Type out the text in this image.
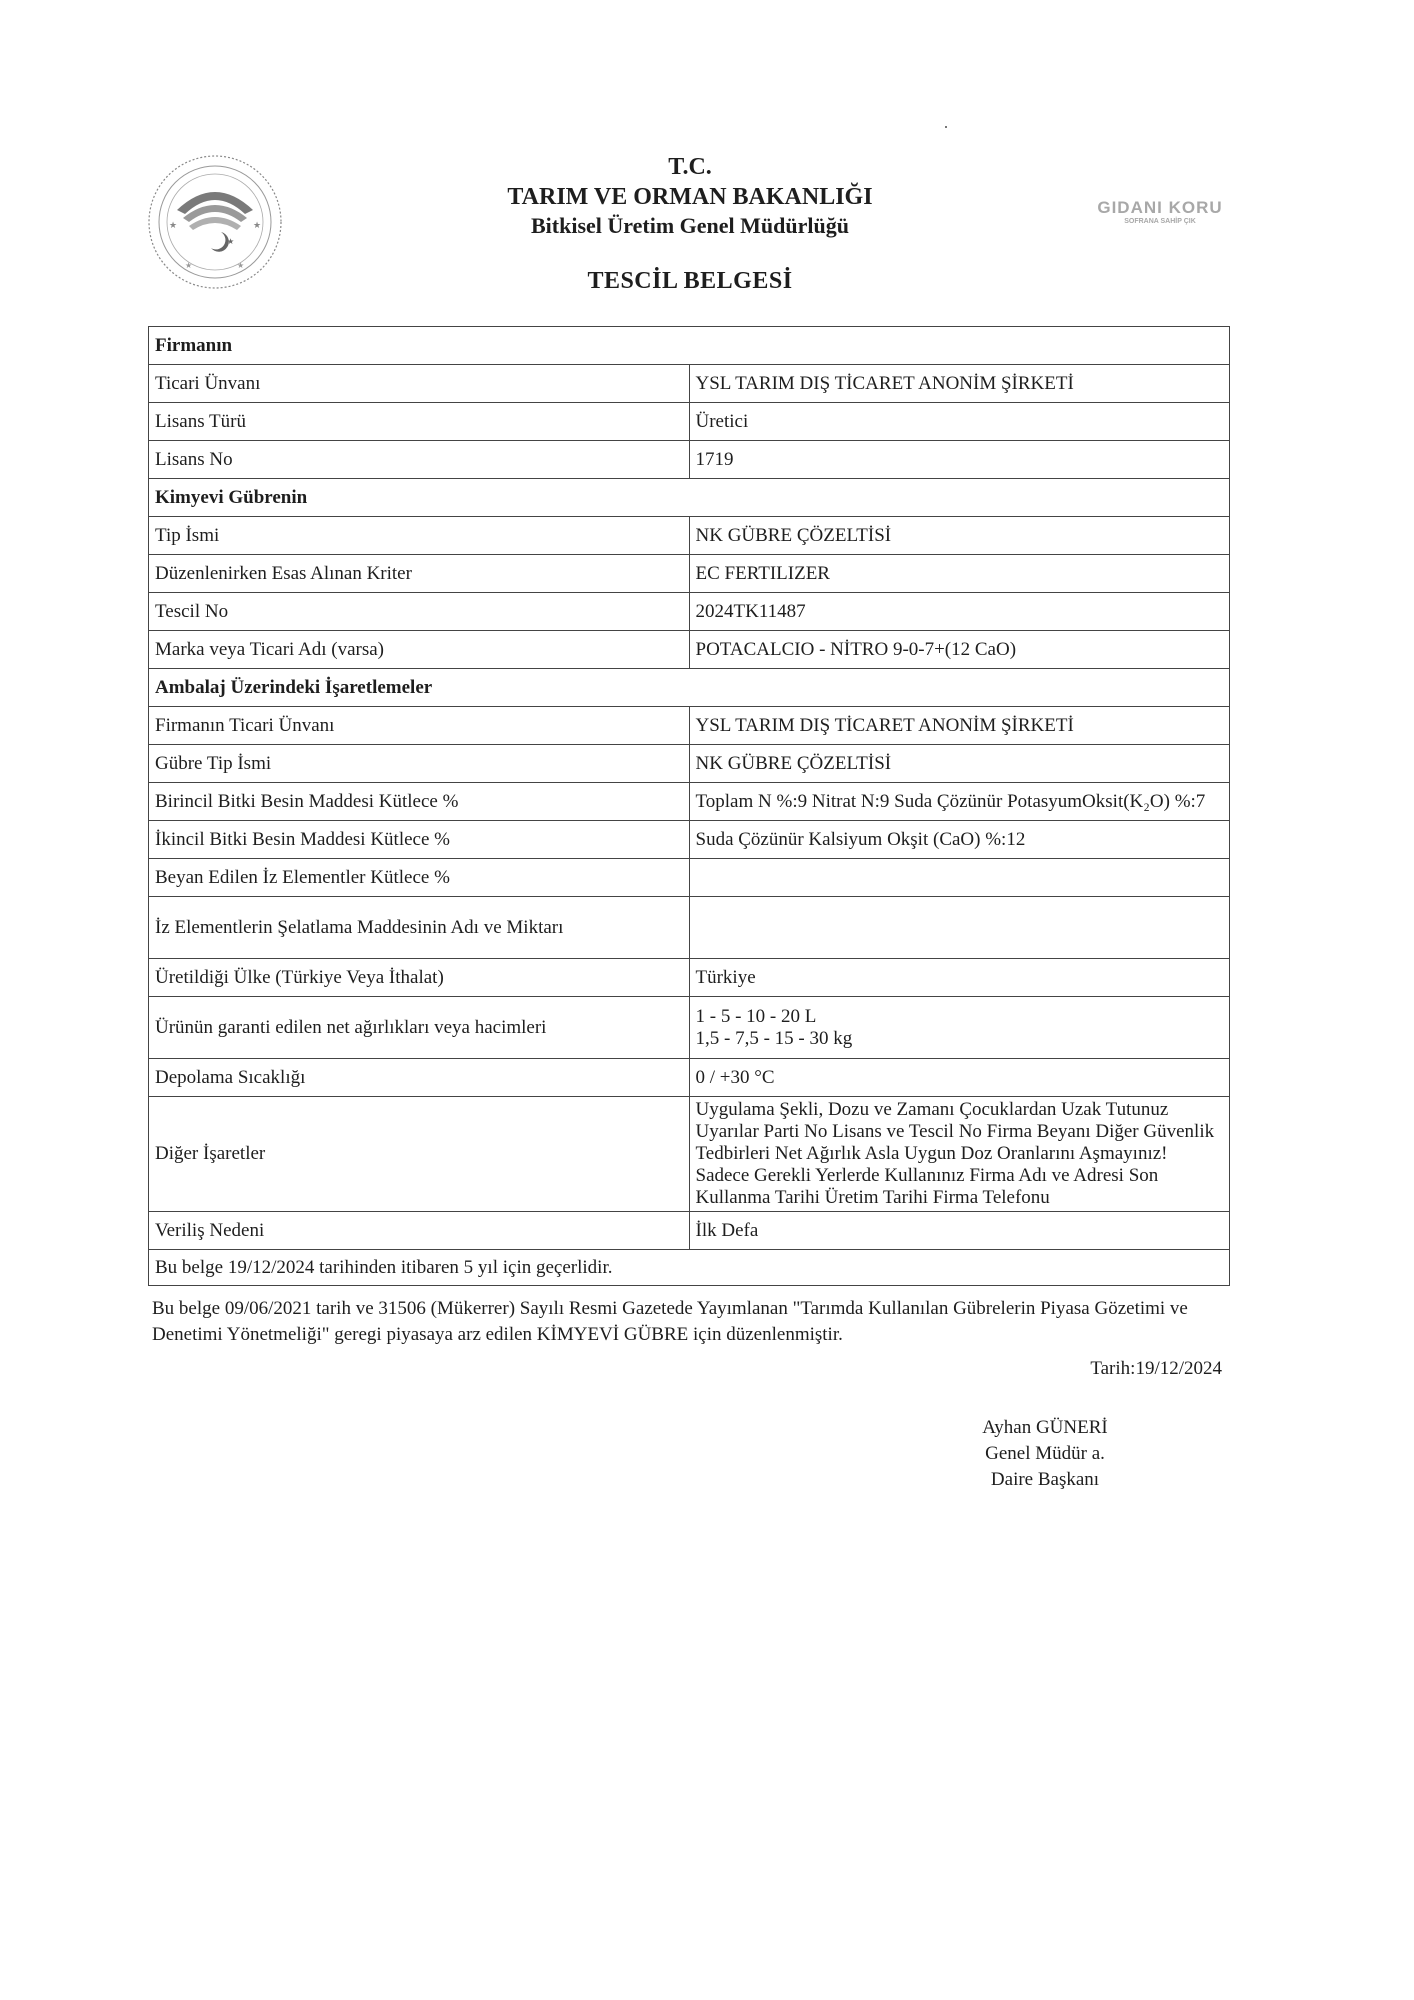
★
★	★
★	★
T.C.
TARIM VE ORMAN BAKANLIĞI
Bitkisel Üretim Genel Müdürlüğü
TESCİL BELGESİ
GIDANI KORU
SOFRANA SAHİP ÇIK
Firmanın	
Ticari Ünvanı	YSL TARIM DIŞ TİCARET ANONİM ŞİRKETİ
Lisans Türü	Üretici
Lisans No	1719
Kimyevi Gübrenin	
Tip İsmi	NK GÜBRE ÇÖZELTİSİ
Düzenlenirken Esas Alınan Kriter	EC FERTILIZER
Tescil No	2024TK11487
Marka veya Ticari Adı (varsa)	POTACALCIO - NİTRO 9-0-7+(12 CaO)
Ambalaj Üzerindeki İşaretlemeler	
Firmanın Ticari Ünvanı	YSL TARIM DIŞ TİCARET ANONİM ŞİRKETİ
Gübre Tip İsmi	NK GÜBRE ÇÖZELTİSİ
Birincil Bitki Besin Maddesi Kütlece %	Toplam N %:9 Nitrat N:9 Suda Çözünür PotasyumOksit(K₂O) %:7
İkincil Bitki Besin Maddesi Kütlece %	Suda Çözünür Kalsiyum Okşit (CaO) %:12
Beyan Edilen İz Elementler Kütlece %	
İz Elementlerin Şelatlama Maddesinin Adı ve Miktarı	
Üretildiği Ülke (Türkiye Veya İthalat)	Türkiye
Ürünün garanti edilen net ağırlıkları veya hacimleri	1 - 5 - 10 - 20 L
1,5 - 7,5 - 15 - 30 kg

Depolama Sıcaklığı	0 / +30 °C
Diğer İşaretler	Uygulama Şekli, Dozu ve Zamanı Çocuklardan Uzak Tutunuz Uyarılar Parti No Lisans ve Tescil No Firma Beyanı Diğer Güvenlik Tedbirleri Net Ağırlık Asla Uygun Doz Oranlarını Aşmayınız! Sadece Gerekli Yerlerde Kullanınız Firma Adı ve Adresi Son Kullanma Tarihi Üretim Tarihi Firma Telefonu
Veriliş Nedeni	İlk Defa
Bu belge 19/12/2024 tarihinden itibaren 5 yıl için geçerlidir.	
Bu belge 09/06/2021 tarih ve 31506 (Mükerrer) Sayılı Resmi Gazetede Yayımlanan "Tarımda Kullanılan Gübrelerin Piyasa Gözetimi ve Denetimi Yönetmeliği" geregi piyasaya arz edilen KİMYEVİ GÜBRE için düzenlenmiştir.
Tarih:19/12/2024
Ayhan GÜNERİ
Genel Müdür a.
Daire Başkanı
